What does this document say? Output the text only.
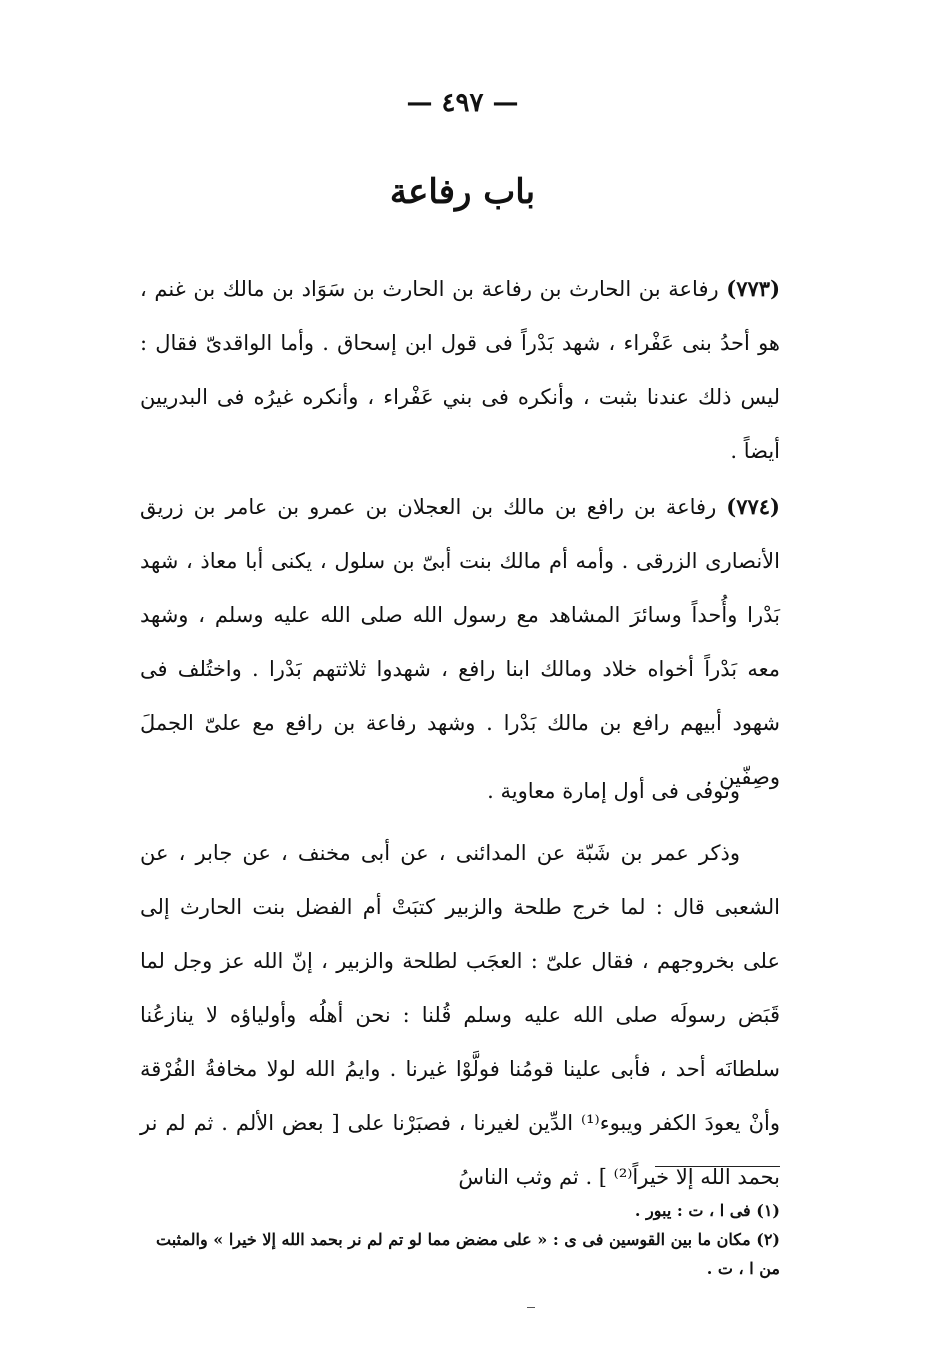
— ٤٩٧ —
باب رفاعة
(٧٧٣) رفاعة بن الحارث بن رفاعة بن الحارث بن سَوَاد بن مالك بن غنم ، هو أحدُ بنى عَفْراء ، شهد بَدْراً فى قول ابن إسحاق . وأما الواقدىّ فقال : ليس ذلك عندنا بثبت ، وأنكره فى بني عَفْراء ، وأنكره غيرُه فى البدريين أيضاً .
(٧٧٤) رفاعة بن رافع بن مالك بن العجلان بن عمرو بن عامر بن زريق الأنصارى الزرقى . وأمه أم مالك بنت أبىّ بن سلول ، يكنى أبا معاذ ، شهد بَدْرا وأُحداً وسائرَ المشاهد مع رسول الله صلى الله عليه وسلم ، وشهد معه بَدْراً أخواه خلاد ومالك ابنا رافع ، شهدوا ثلاثتهم بَدْرا . واختُلف فى شهود أبيهم رافع بن مالك بَدْرا . وشهد رفاعة بن رافع مع علىّ الجملَ وصِفّين .
وتوفى فى أول إمارة معاوية .
وذكر عمر بن شَبّة عن المدائنى ، عن أبى مخنف ، عن جابر ، عن الشعبى قال : لما خرج طلحة والزبير كتبَتْ أم الفضل بنت الحارث إلى على بخروجهم ، فقال علىّ : العجَب لطلحة والزبير ، إنّ الله عز وجل لما قَبَض رسولَه صلى الله عليه وسلم قُلنا : نحن أهلُه وأولياؤه لا ينازعُنا سلطانَه أحد ، فأبى علينا قومُنا فولَّوْا غيرنا . وايمُ الله لولا مخافةُ الفُرْقة وأنْ يعودَ الكفر ويبوء⁽¹⁾ الدِّين لغيرنا ، فصبَرْنا على [ بعض الألم . ثم لم نر بحمد الله إلا خيراً⁽²⁾ ] . ثم وثب الناسُ

(١) فى ا ، ت : يبور .

(٢) مكان ما بين القوسين فى ى : « على مضض مما لو تم لم نر بحمد الله إلا خيرا » والمثبت من ا ، ت .
